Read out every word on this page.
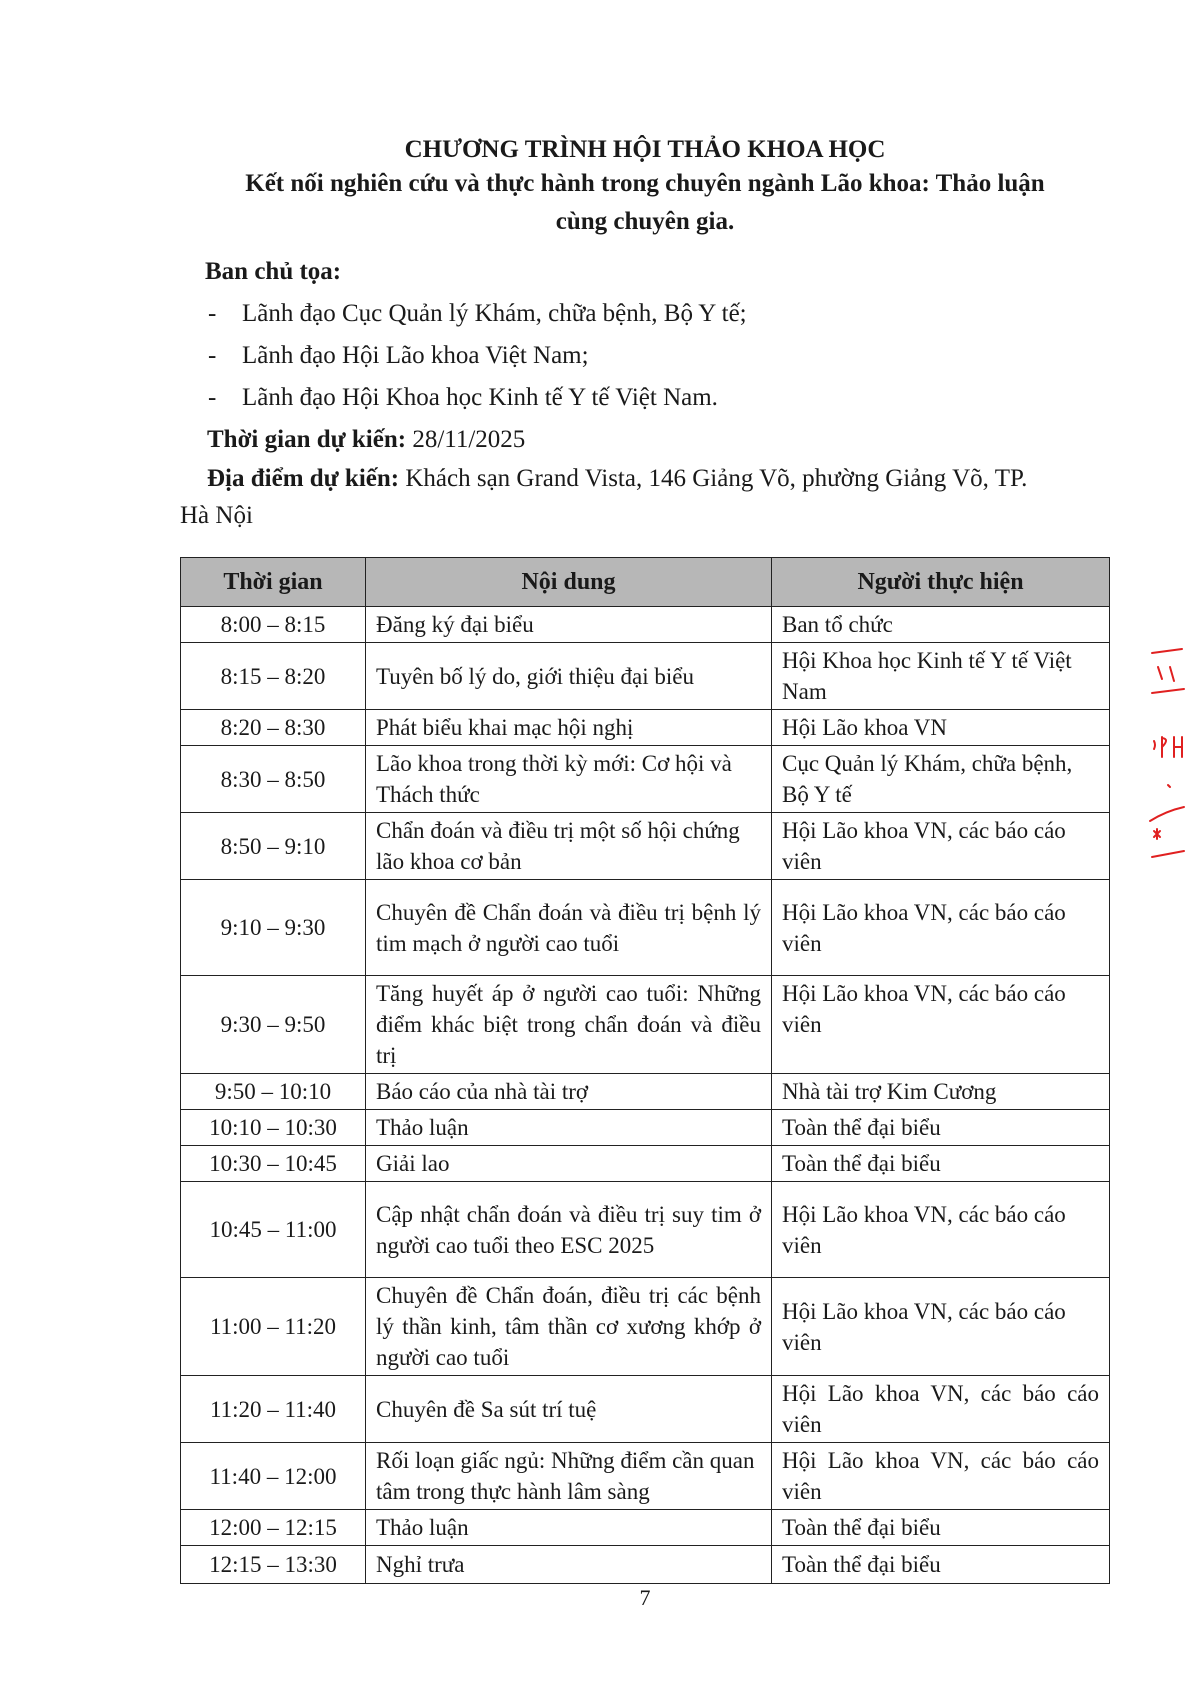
CHƯƠNG TRÌNH HỘI THẢO KHOA HỌC
Kết nối nghiên cứu và thực hành trong chuyên ngành Lão khoa: Thảo luận
cùng chuyên gia.
Ban chủ tọa:
- Lãnh đạo Cục Quản lý Khám, chữa bệnh, Bộ Y tế;
- Lãnh đạo Hội Lão khoa Việt Nam;
- Lãnh đạo Hội Khoa học Kinh tế Y tế Việt Nam.
Thời gian dự kiến: 28/11/2025
Địa điểm dự kiến: Khách sạn Grand Vista, 146 Giảng Võ, phường Giảng Võ, TP.
Hà Nội
Thời gian	Nội dung	Người thực hiện
8:00 – 8:15	Đăng ký đại biểu	Ban tổ chức
8:15 – 8:20	Tuyên bố lý do, giới thiệu đại biểu	Hội Khoa học Kinh tế Y tế Việt Nam
8:20 – 8:30	Phát biểu khai mạc hội nghị	Hội Lão khoa VN
8:30 – 8:50	Lão khoa trong thời kỳ mới: Cơ hội và Thách thức	Cục Quản lý Khám, chữa bệnh, Bộ Y tế
8:50 – 9:10	Chẩn đoán và điều trị một số hội chứng lão khoa cơ bản	Hội Lão khoa VN, các báo cáo viên
9:10 – 9:30	Chuyên đề Chẩn đoán và điều trị bệnh lý tim mạch ở người cao tuổi	Hội Lão khoa VN, các báo cáo viên
9:30 – 9:50	Tăng huyết áp ở người cao tuổi: Những điểm khác biệt trong chẩn đoán và điều trị	Hội Lão khoa VN, các báo cáo viên
9:50 – 10:10	Báo cáo của nhà tài trợ	Nhà tài trợ Kim Cương
10:10 – 10:30	Thảo luận	Toàn thể đại biểu
10:30 – 10:45	Giải lao	Toàn thể đại biểu
10:45 – 11:00	Cập nhật chẩn đoán và điều trị suy tim ở người cao tuổi theo ESC 2025	Hội Lão khoa VN, các báo cáo viên
11:00 – 11:20	Chuyên đề Chẩn đoán, điều trị các bệnh lý thần kinh, tâm thần cơ xương khớp ở người cao tuổi	Hội Lão khoa VN, các báo cáo viên
11:20 – 11:40	Chuyên đề Sa sút trí tuệ	Hội Lão khoa VN, các báo cáo viên
11:40 – 12:00	Rối loạn giấc ngủ: Những điểm cần quan tâm trong thực hành lâm sàng	Hội Lão khoa VN, các báo cáo viên
12:00 – 12:15	Thảo luận	Toàn thể đại biểu
12:15 – 13:30	Nghỉ trưa	Toàn thể đại biểu
7
